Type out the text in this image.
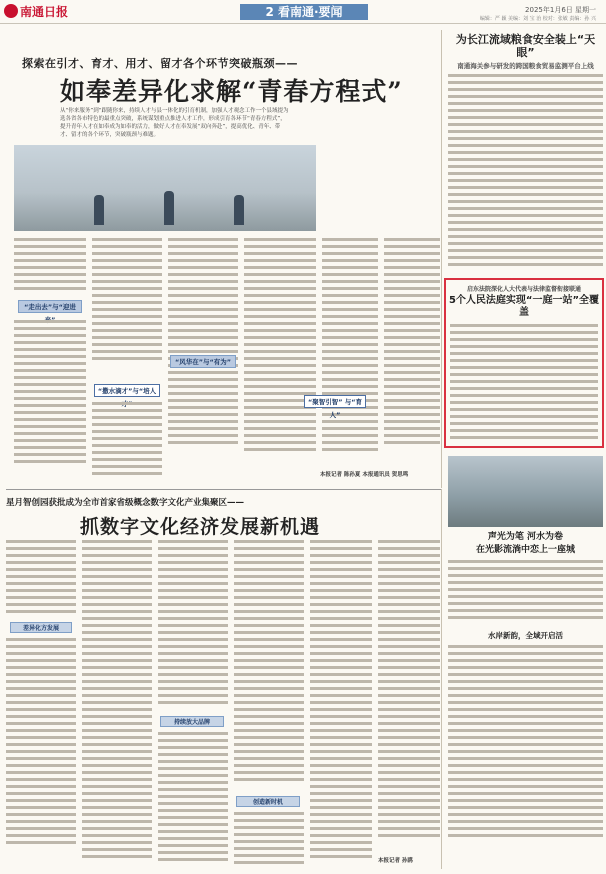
南通日报	2 看南通·要闻	2025年1月6日 星期一
编辑：严 颖 美编：刘 宝 治 校对：张敏 责编：孙 兴
探索在引才、育才、用才、留才各个环节突破瓶颈——
如奉差异化求解“青春方程式”
从“你来服务”到“跟随你来，持续人才与县一体化的引育机制，加强人才观念工作一个县域提为选各省各市特色的最重点突破，系统谋划重点推进人才工作，形成引育各环节“青春方程式”，提升青年人才在如奉成为如奉的活力，做好人才在奉发展“双向奔赴”，提高优化、青年、带才、留才的各个环节，突破瓶颈与难题。
“走出去”与“迎进
“撒水滴才”与“培人
“风华在”与“有为”
“聚智引智” 与“育人”
本报记者 陈孙夏 本报通讯员 贺思鸣
为长江流域粮食安全装上“天眼”
南通海关参与研发的跨国粮食贸易监测平台上线
启东法院深化人大代表与法律监督衔接联通
5个人民法庭实现“一庭一站”全覆盖
声光为笔 河水为卷
在光影流淌中恋上一座城
水岸新韵，全域开启活
星月智创园获批成为全市首家省级概念数字文化产业集聚区——
抓数字文化经济发展新机遇
差异化方发展
持续放大品牌
创造新时机
本报记者 孙鸥
